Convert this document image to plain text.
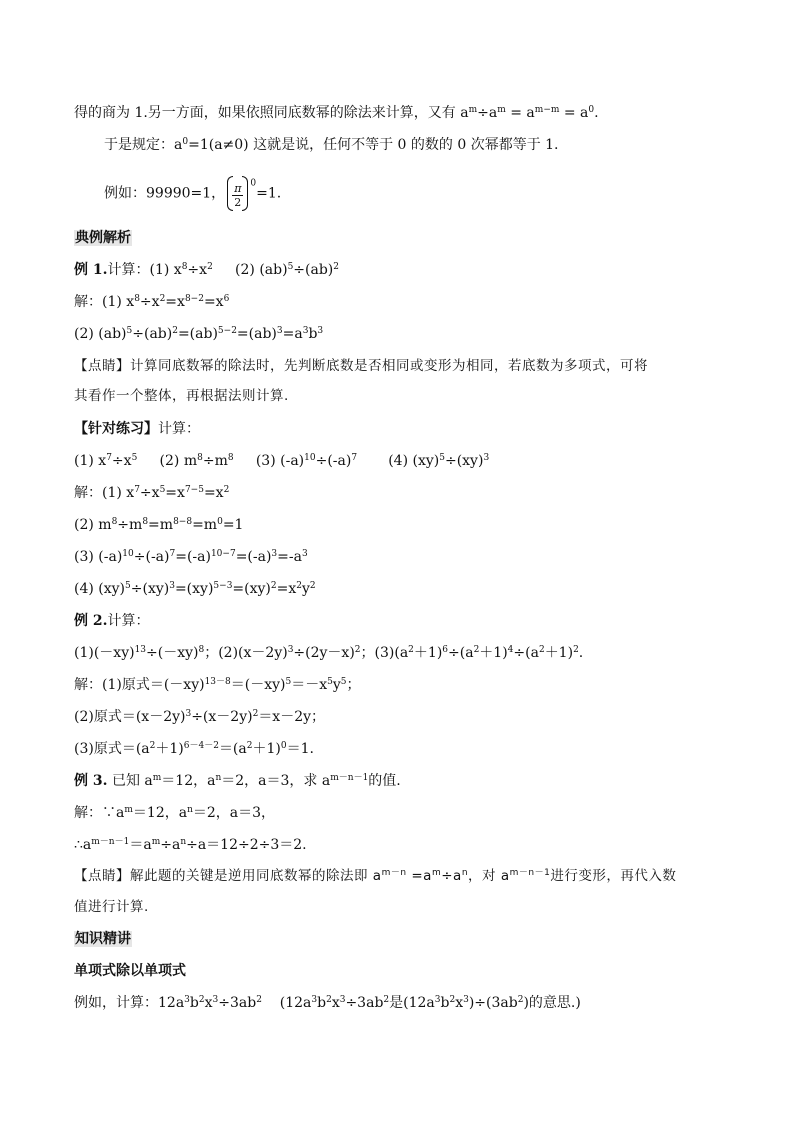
得的商为 1.另一方面，如果依照同底数幂的除法来计算，又有 $a^m\div a^m = a^{m-m} = a^0$.
于是规定：$a^0=1(a\ne 0)$ 这就是说，任何不等于 0 的数的 0 次幂都等于 1.
例如：99990=1， $\frac{\pi}{2} ^0=1$.
典例解析
例 1.计算：(1) $x^8\div x^2$     (2) (ab)$^5$÷(ab)$^2$
解：(1) $x^8\div x^2=x^{8-2}=x^6$
(2) $(ab)^5\div(ab)^2=(ab)^{5-2}=(ab)^3=a^3b^3$
【点睛】计算同底数幂的除法时，先判断底数是否相同或变形为相同，若底数为多项式，可将
其看作一个整体，再根据法则计算.
【针对练习】计算：
(1) $x^7\div x^5$     (2) $m^8\div m^8$     (3) $(-a)^{10}\div(-a)^7$       (4) (xy)$^5$÷(xy)$^3$
解：(1) $x^7\div x^5=x^{7-5}=x^2$
(2) $m^8\div m^8=m^{8-8}=m^0=1$
(3) $(-a)^{10}\div(-a)^7=(-a)^{10-7}=(-a)^3=-a^3$
(4) $(xy)^5\div(xy)^3=(xy)^{5-3}=(xy)^2=x^2y^2$
例 2.计算：
$(1)(-xy)^{13}\div(-xy)^8$；$(2)(x-2y)^3\div(2y-x)^2$；$(3)(a^2+1)^6\div(a^2+1)^4\div(a^2+1)^2$.
解：(1)原式$=(-xy)^{13-8}=(-xy)^5=-x^5y^5$；
(2)原式$=(x-2y)^3\div(x-2y)^2=x-2y$；
(3)原式$=(a^2+1)^{6-4-2}=(a^2+1)^0=1$.
例 3. 已知 $a^m=12$，$a^n=2$，a＝3，求 $a^{m-n-1}$的值.
解：$\because a^m=12$，$a^n=2$，a＝3，
$\therefore a^{m-n-1}=a^m\div a^n\div a=12\div 2\div 3=2$.
【点睛】解此题的关键是逆用同底数幂的除法即 $a^{m-n} =a^m\div a^n$，对 $a^{m-n-1}$进行变形，再代入数
值进行计算.
知识精讲
单项式除以单项式
例如，计算：$12a^3b^2x^3\div 3ab^2$    ($12a^3b^2x^3\div 3ab^2$是$(12a^3b^2x^3)\div(3ab^2)$的意思.)
